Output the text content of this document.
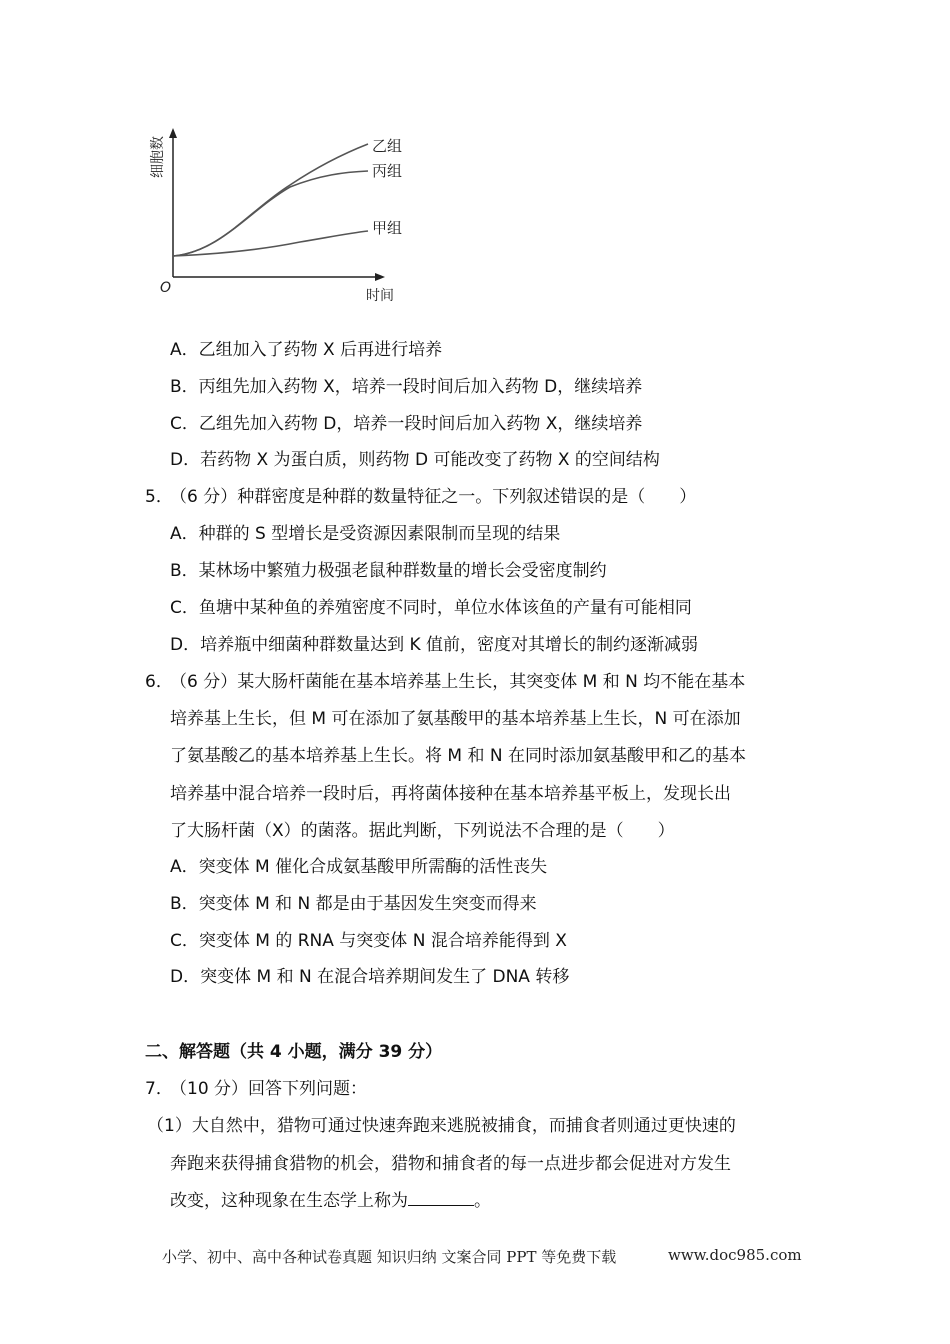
细胞数
时间
O
乙组
丙组
甲组
A．乙组加入了药物 X 后再进行培养
B．丙组先加入药物 X，培养一段时间后加入药物 D，继续培养
C．乙组先加入药物 D，培养一段时间后加入药物 X，继续培养
D．若药物 X 为蛋白质，则药物 D 可能改变了药物 X 的空间结构
5．
（6 分）种群密度是种群的数量特征之一。下列叙述错误的是（　　）
A．种群的 S 型增长是受资源因素限制而呈现的结果
B．某林场中繁殖力极强老鼠种群数量的增长会受密度制约
C．鱼塘中某种鱼的养殖密度不同时，单位水体该鱼的产量有可能相同
D．培养瓶中细菌种群数量达到 K 值前，密度对其增长的制约逐渐减弱
6．
（6 分）某大肠杆菌能在基本培养基上生长，其突变体 M 和 N 均不能在基本
培养基上生长，但 M 可在添加了氨基酸甲的基本培养基上生长，N 可在添加
了氨基酸乙的基本培养基上生长。将 M 和 N 在同时添加氨基酸甲和乙的基本
培养基中混合培养一段时后，再将菌体接种在基本培养基平板上，发现长出
了大肠杆菌（X）的菌落。据此判断，下列说法不合理的是（　　）
A．突变体 M 催化合成氨基酸甲所需酶的活性丧失
B．突变体 M 和 N 都是由于基因发生突变而得来
C．突变体 M 的 RNA 与突变体 N 混合培养能得到 X
D．突变体 M 和 N 在混合培养期间发生了 DNA 转移
二、解答题（共 4 小题，满分 39 分）
7．
（10 分）回答下列问题：
（1）大自然中，猎物可通过快速奔跑来逃脱被捕食，而捕食者则通过更快速的
奔跑来获得捕食猎物的机会，猎物和捕食者的每一点进步都会促进对方发生
改变，这种现象在生态学上称为	。
小学、初中、高中各种试卷真题 知识归纳 文案合同 PPT 等免费下载	www.doc985.com
